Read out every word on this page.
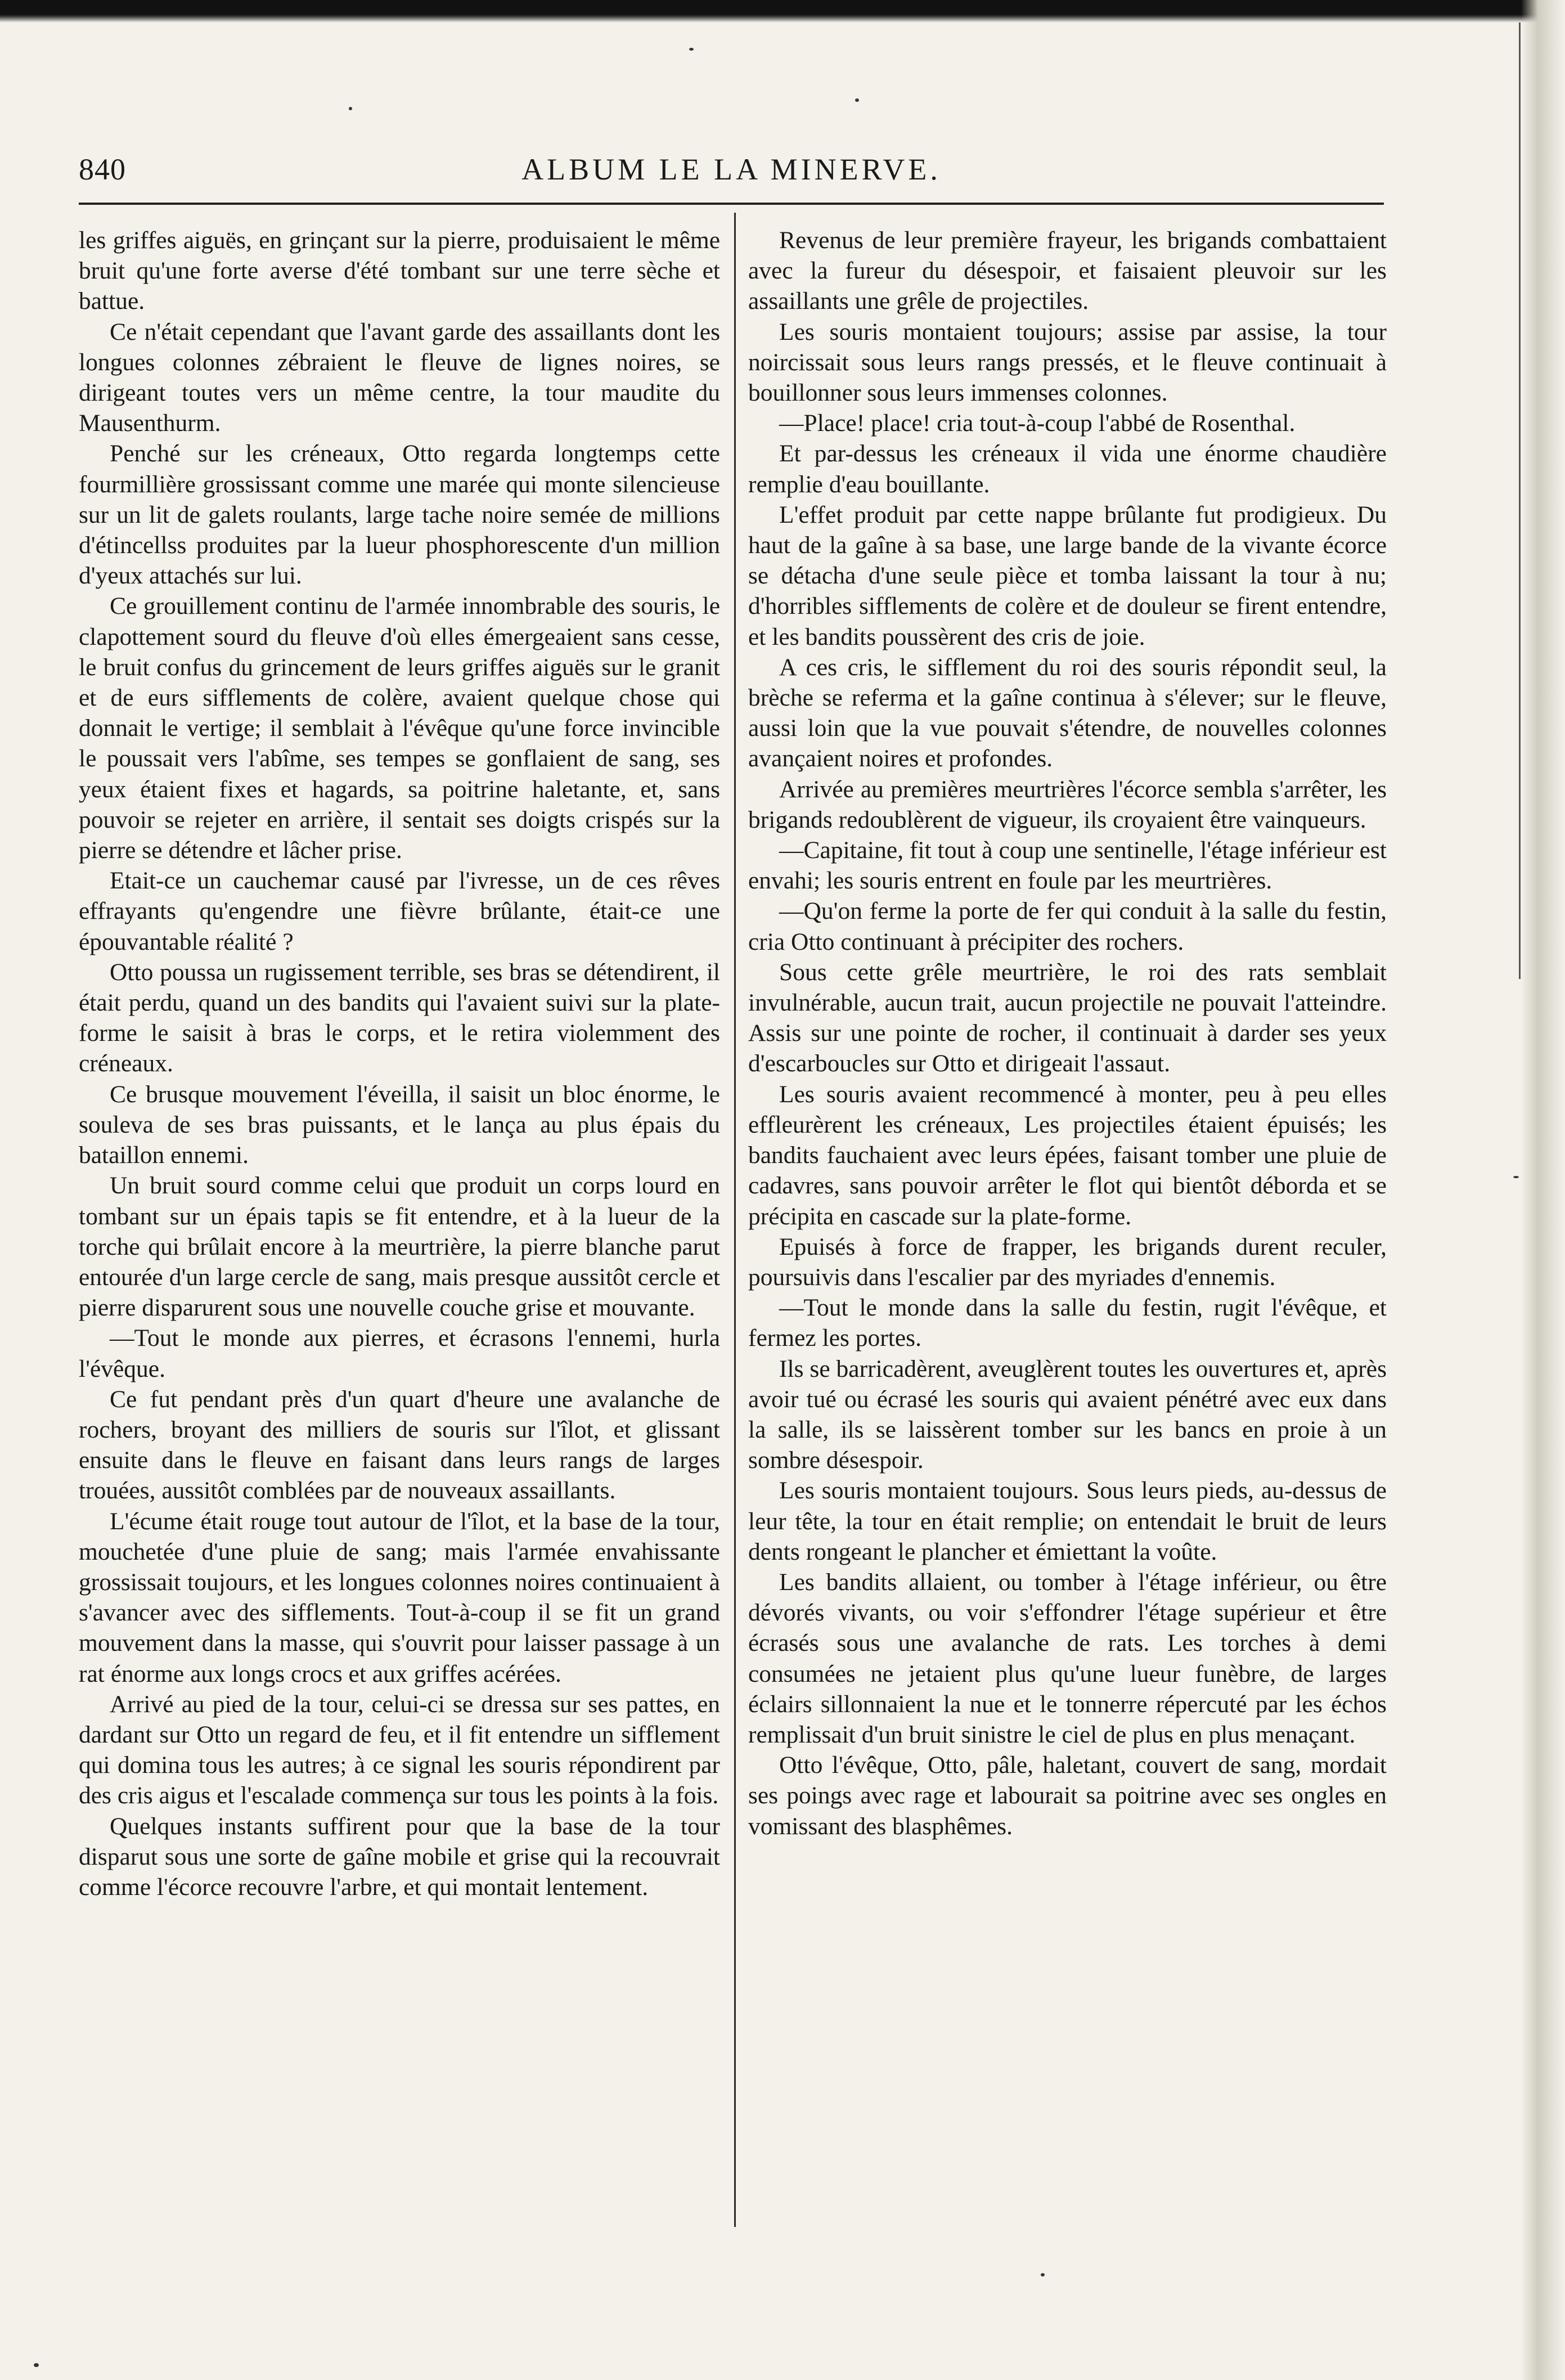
840	ALBUM LE LA MINERVE.

les griffes aiguës, en grinçant sur la pierre, produisaient le même bruit qu'une forte averse d'été tombant sur une terre sèche et battue.

Ce n'était cependant que l'avant garde des assaillants dont les longues colonnes zébraient le fleuve de lignes noires, se dirigeant toutes vers un même centre, la tour maudite du Mausenthurm.

Penché sur les créneaux, Otto regarda longtemps cette fourmillière grossissant comme une marée qui monte silencieuse sur un lit de galets roulants, large tache noire semée de millions d'étincellss produites par la lueur phosphorescente d'un million d'yeux attachés sur lui.

Ce grouillement continu de l'armée innombrable des souris, le clapottement sourd du fleuve d'où elles émergeaient sans cesse, le bruit confus du grincement de leurs griffes aiguës sur le granit et de eurs sifflements de colère, avaient quelque chose qui donnait le vertige; il semblait à l'évêque qu'une force invincible le poussait vers l'abîme, ses tempes se gonflaient de sang, ses yeux étaient fixes et hagards, sa poitrine haletante, et, sans pouvoir se rejeter en arrière, il sentait ses doigts crispés sur la pierre se détendre et lâcher prise.

Etait-ce un cauchemar causé par l'ivresse, un de ces rêves effrayants qu'engendre une fièvre brûlante, était-ce une épouvantable réalité ?

Otto poussa un rugissement terrible, ses bras se détendirent, il était perdu, quand un des bandits qui l'avaient suivi sur la plate-forme le saisit à bras le corps, et le retira violemment des créneaux.

Ce brusque mouvement l'éveilla, il saisit un bloc énorme, le souleva de ses bras puissants, et le lança au plus épais du bataillon ennemi.

Un bruit sourd comme celui que produit un corps lourd en tombant sur un épais tapis se fit entendre, et à la lueur de la torche qui brûlait encore à la meurtrière, la pierre blanche parut entourée d'un large cercle de sang, mais presque aussitôt cercle et pierre disparurent sous une nouvelle couche grise et mouvante.

—Tout le monde aux pierres, et écrasons l'ennemi, hurla l'évêque.

Ce fut pendant près d'un quart d'heure une avalanche de rochers, broyant des milliers de souris sur l'îlot, et glissant ensuite dans le fleuve en faisant dans leurs rangs de larges trouées, aussitôt comblées par de nouveaux assaillants.

L'écume était rouge tout autour de l'îlot, et la base de la tour, mouchetée d'une pluie de sang; mais l'armée envahissante grossissait toujours, et les longues colonnes noires continuaient à s'avancer avec des sifflements. Tout-à-coup il se fit un grand mouvement dans la masse, qui s'ouvrit pour laisser passage à un rat énorme aux longs crocs et aux griffes acérées.

Arrivé au pied de la tour, celui-ci se dressa sur ses pattes, en dardant sur Otto un regard de feu, et il fit entendre un sifflement qui domina tous les autres; à ce signal les souris répondirent par des cris aigus et l'escalade commença sur tous les points à la fois.

Quelques instants suffirent pour que la base de la tour disparut sous une sorte de gaîne mobile et grise qui la recouvrait comme l'écorce recouvre l'arbre, et qui montait lentement.

Revenus de leur première frayeur, les brigands combattaient avec la fureur du désespoir, et faisaient pleuvoir sur les assaillants une grêle de projectiles.

Les souris montaient toujours; assise par assise, la tour noircissait sous leurs rangs pressés, et le fleuve continuait à bouillonner sous leurs immenses colonnes.

—Place! place! cria tout-à-coup l'abbé de Rosenthal.

Et par-dessus les créneaux il vida une énorme chaudière remplie d'eau bouillante.

L'effet produit par cette nappe brûlante fut prodigieux. Du haut de la gaîne à sa base, une large bande de la vivante écorce se détacha d'une seule pièce et tomba laissant la tour à nu; d'horribles sifflements de colère et de douleur se firent entendre, et les bandits poussèrent des cris de joie.

A ces cris, le sifflement du roi des souris répondit seul, la brèche se referma et la gaîne continua à s'élever; sur le fleuve, aussi loin que la vue pouvait s'étendre, de nouvelles colonnes avançaient noires et profondes.

Arrivée au premières meurtrières l'écorce sembla s'arrêter, les brigands redoublèrent de vigueur, ils croyaient être vainqueurs.

—Capitaine, fit tout à coup une sentinelle, l'étage inférieur est envahi; les souris entrent en foule par les meurtrières.

—Qu'on ferme la porte de fer qui conduit à la salle du festin, cria Otto continuant à précipiter des rochers.

Sous cette grêle meurtrière, le roi des rats semblait invulnérable, aucun trait, aucun projectile ne pouvait l'atteindre. Assis sur une pointe de rocher, il continuait à darder ses yeux d'escarboucles sur Otto et dirigeait l'assaut.

Les souris avaient recommencé à monter, peu à peu elles effleurèrent les créneaux, Les projectiles étaient épuisés; les bandits fauchaient avec leurs épées, faisant tomber une pluie de cadavres, sans pouvoir arrêter le flot qui bientôt déborda et se précipita en cascade sur la plate-forme.

Epuisés à force de frapper, les brigands durent reculer, poursuivis dans l'escalier par des myriades d'ennemis.

—Tout le monde dans la salle du festin, rugit l'évêque, et fermez les portes.

Ils se barricadèrent, aveuglèrent toutes les ouvertures et, après avoir tué ou écrasé les souris qui avaient pénétré avec eux dans la salle, ils se laissèrent tomber sur les bancs en proie à un sombre désespoir.

Les souris montaient toujours. Sous leurs pieds, au-dessus de leur tête, la tour en était remplie; on entendait le bruit de leurs dents rongeant le plancher et émiettant la voûte.

Les bandits allaient, ou tomber à l'étage inférieur, ou être dévorés vivants, ou voir s'effondrer l'étage supérieur et être écrasés sous une avalanche de rats. Les torches à demi consumées ne jetaient plus qu'une lueur funèbre, de larges éclairs sillonnaient la nue et le tonnerre répercuté par les échos remplissait d'un bruit sinistre le ciel de plus en plus menaçant.

Otto l'évêque, Otto, pâle, haletant, couvert de sang, mordait ses poings avec rage et labourait sa poitrine avec ses ongles en vomissant des blasphêmes.
